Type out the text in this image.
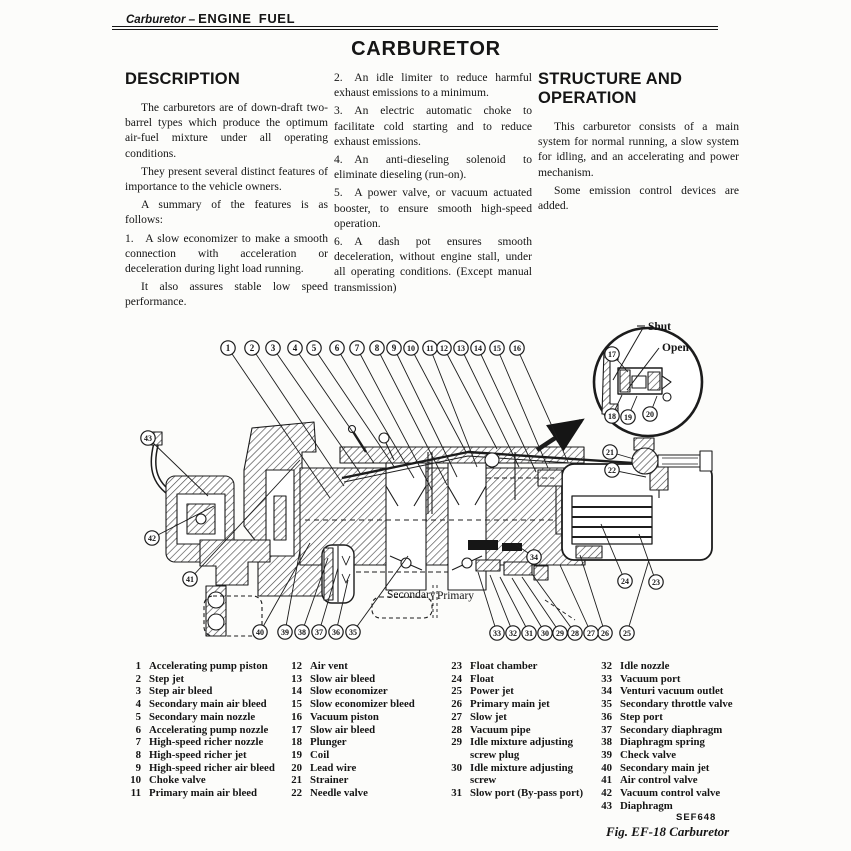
Carburetor – ENGINE FUEL
CARBURETOR
DESCRIPTION

The carburetors are of down-draft two-barrel types which produce the optimum air-fuel mixture under all operating conditions.

They present several distinct features of importance to the vehicle owners.

A summary of the features is as follows:

1.  A slow economizer to make a smooth connection with acceleration or deceleration during light load running.

It also assures stable low speed performance.

2.  An idle limiter to reduce harmful exhaust emissions to a minimum.

3.  An electric automatic choke to facilitate cold starting and to reduce exhaust emissions.

4.  An anti-dieseling solenoid to eliminate dieseling (run-on).

5.  A power valve, or vacuum actuated booster, to ensure smooth high-speed operation.

6.  A dash pot ensures smooth deceleration, without engine stall, under all operating conditions. (Except manual transmission)

STRUCTURE AND OPERATION

This carburetor consists of a main system for normal running, a slow system for idling, and an accelerating and power mechanism.

Some emission control devices are added.

1 2 3 4 5 6 7 8 9 10 11 12 13 14 15 16
17
18 19 20
21
22
23
24
25
26
27
28
29
30
31
32
33
34
35
36
37
38
39
40
41
42
43
Shut
Open
Secondary Primary
1 Accelerating pump piston
2 Step jet
3 Step air bleed
4 Secondary main air bleed
5 Secondary main nozzle
6 Accelerating pump nozzle
7 High-speed richer nozzle
8 High-speed richer jet
9 High-speed richer air bleed
10 Choke valve
11 Primary main air bleed
12 Air vent
13 Slow air bleed
14 Slow economizer
15 Slow economizer bleed
16 Vacuum piston
17 Slow air bleed
18 Plunger
19 Coil
20 Lead wire
21 Strainer
22 Needle valve
23 Float chamber
24 Float
25 Power jet
26 Primary main jet
27 Slow jet
28 Vacuum pipe
29 Idle mixture adjusting screw plug
30 Idle mixture adjusting screw
31 Slow port (By-pass port)
32 Idle nozzle
33 Vacuum port
34 Venturi vacuum outlet
35 Secondary throttle valve
36 Step port
37 Secondary diaphragm
38 Diaphragm spring
39 Check valve
40 Secondary main jet
41 Air control valve
42 Vacuum control valve
43 Diaphragm
SEF648
Fig. EF-18 Carburetor
